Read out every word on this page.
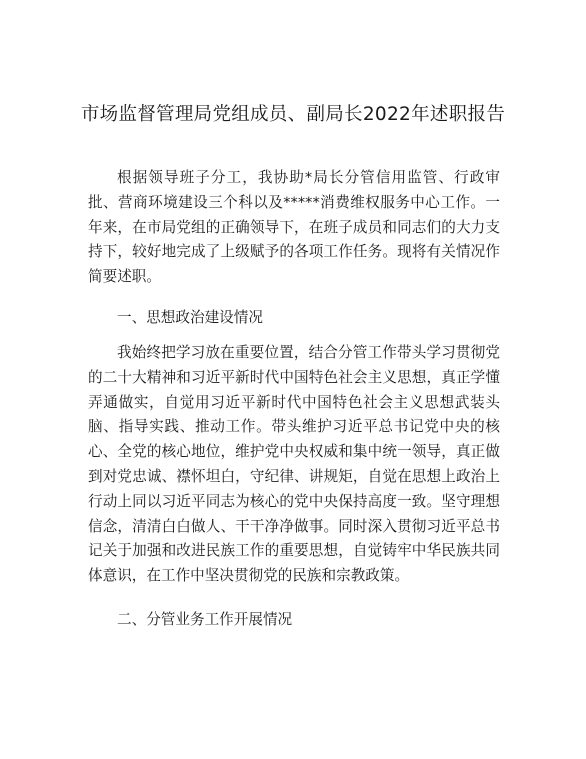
市场监督管理局党组成员、副局长2022年述职报告

根据领导班子分工，我协助*局长分管信用监管、行政审批、营商环境建设三个科以及*****消费维权服务中心工作。一年来，在市局党组的正确领导下，在班子成员和同志们的大力支持下，较好地完成了上级赋予的各项工作任务。现将有关情况作简要述职。

一、思想政治建设情况

我始终把学习放在重要位置，结合分管工作带头学习贯彻党的二十大精神和习近平新时代中国特色社会主义思想，真正学懂弄通做实，自觉用习近平新时代中国特色社会主义思想武装头脑、指导实践、推动工作。带头维护习近平总书记党中央的核心、全党的核心地位，维护党中央权威和集中统一领导，真正做到对党忠诚、襟怀坦白，守纪律、讲规矩，自觉在思想上政治上行动上同以习近平同志为核心的党中央保持高度一致。坚守理想信念，清清白白做人、干干净净做事。同时深入贯彻习近平总书记关于加强和改进民族工作的重要思想，自觉铸牢中华民族共同体意识，在工作中坚决贯彻党的民族和宗教政策。

二、分管业务工作开展情况
